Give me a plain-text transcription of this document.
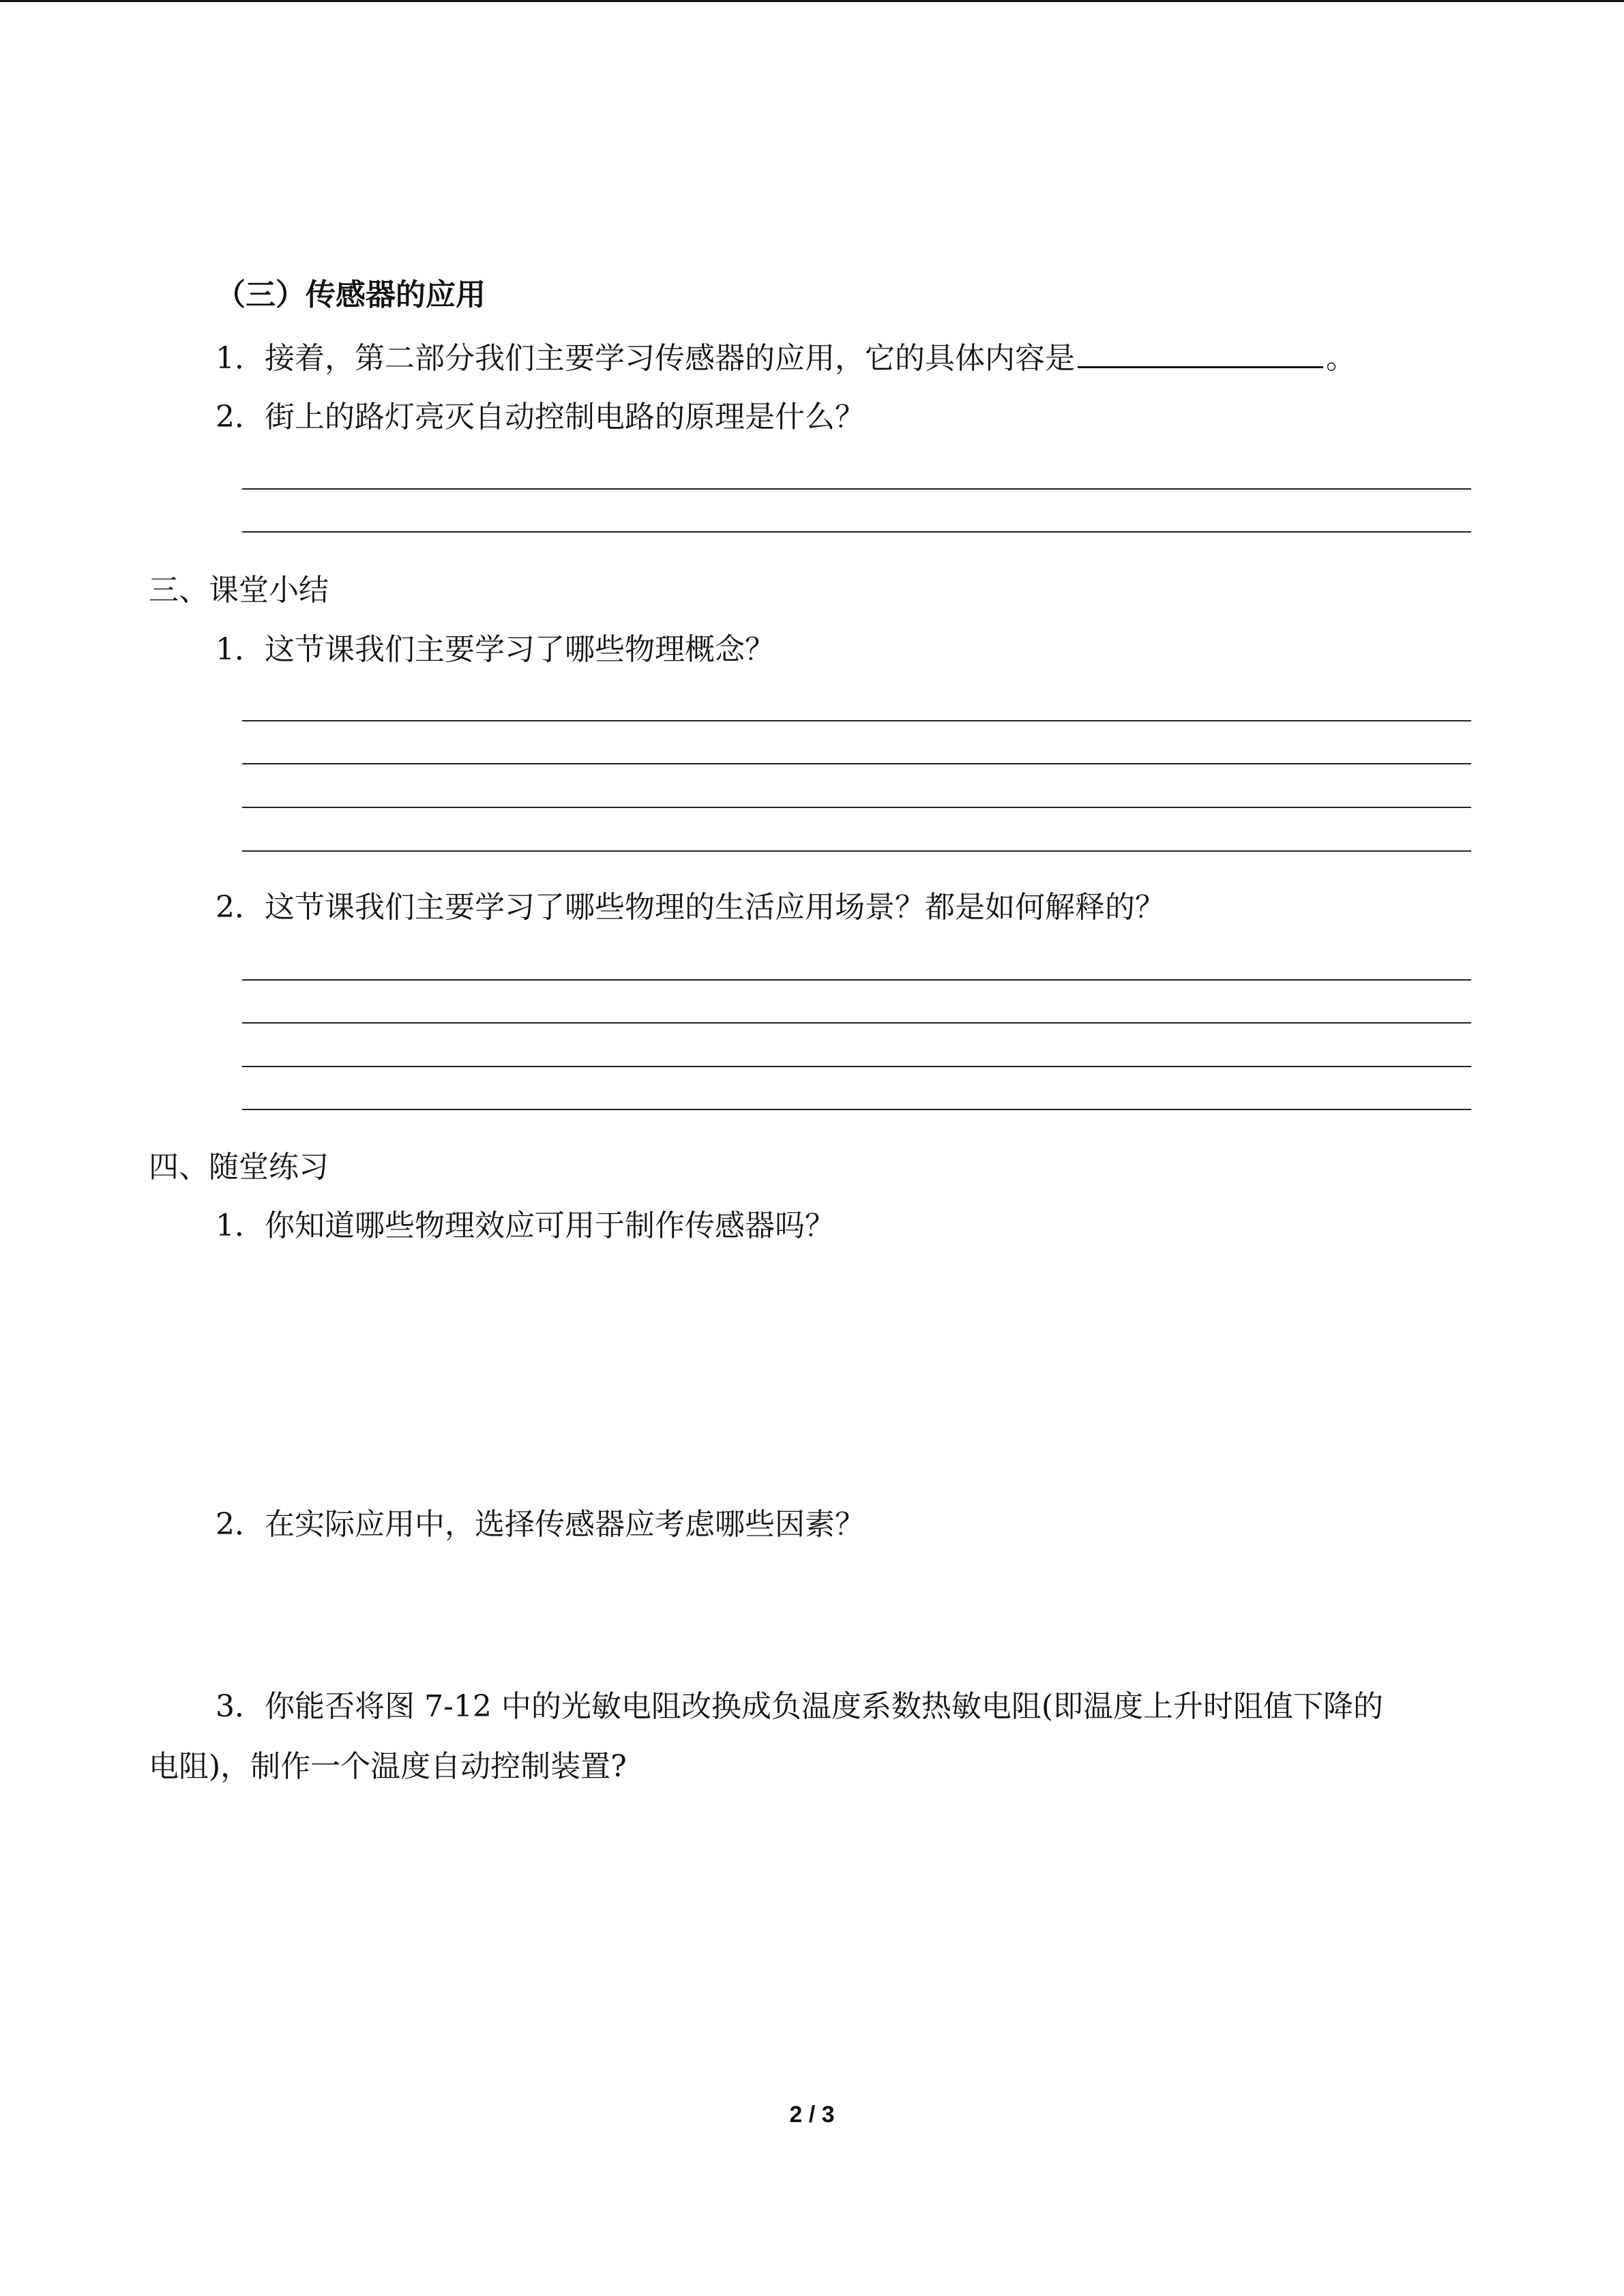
（三）传感器的应用
1．接着，第二部分我们主要学习传感器的应用，它的具体内容是	。
2．街上的路灯亮灭自动控制电路的原理是什么？
三、课堂小结
1．这节课我们主要学习了哪些物理概念？
2．这节课我们主要学习了哪些物理的生活应用场景？都是如何解释的？
四、随堂练习
1．你知道哪些物理效应可用于制作传感器吗？
2．在实际应用中，选择传感器应考虑哪些因素？
3．你能否将图 7-12 中的光敏电阻改换成负温度系数热敏电阻(即温度上升时阻值下降的
电阻)，制作一个温度自动控制装置?
2 / 3
